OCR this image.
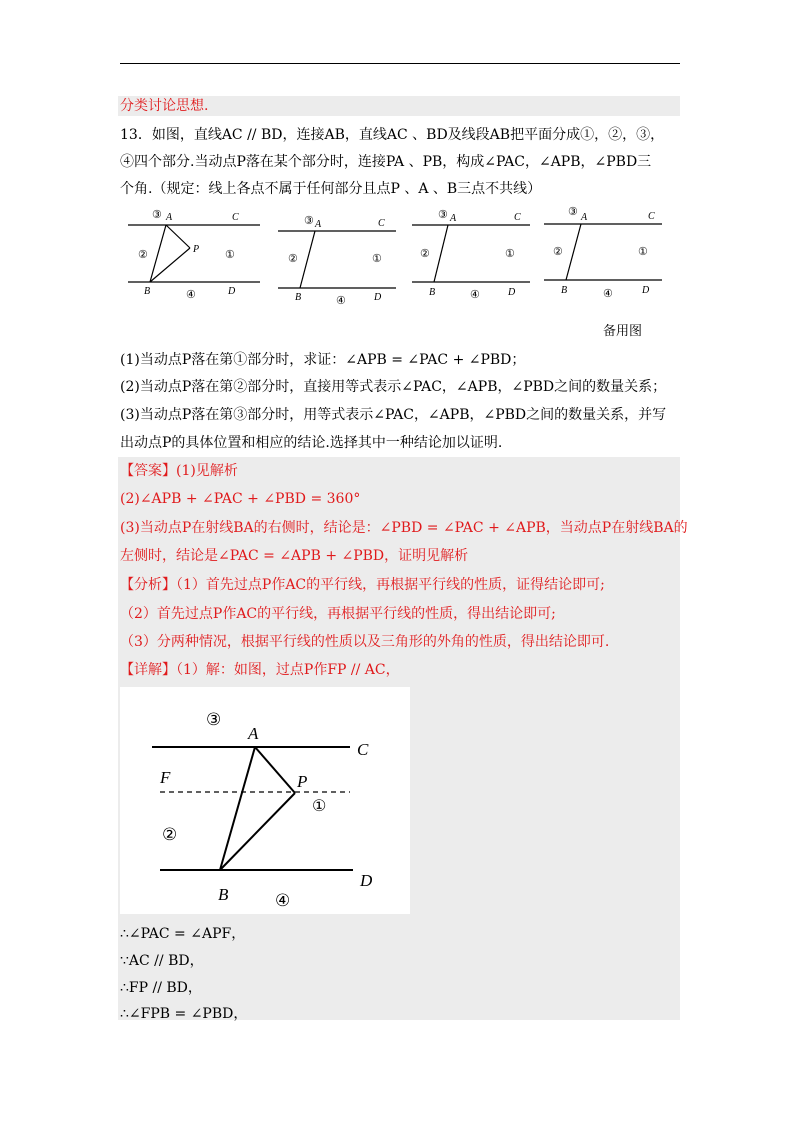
分类讨论思想.
13．如图，直线AC // BD，连接AB，直线AC 、BD及线段AB把平面分成①，②，③，
④四个部分.当动点P落在某个部分时，连接PA 、PB，构成∠PAC，∠APB，∠PBD三
个角.（规定：线上各点不属于任何部分且点P 、A 、B三点不共线）
③ A	C
②	P ①
B	④	D
③ A	C
②	①
B	④	D
③ A	C
②	①
B	④	D
③ A	C
②	①
B	④	D
备用图
(1)当动点P落在第①部分时，求证：∠APB = ∠PAC + ∠PBD；
(2)当动点P落在第②部分时，直接用等式表示∠PAC，∠APB，∠PBD之间的数量关系；
(3)当动点P落在第③部分时，用等式表示∠PAC，∠APB，∠PBD之间的数量关系，并写
出动点P的具体位置和相应的结论.选择其中一种结论加以证明.
【答案】(1)见解析
(2)∠APB + ∠PAC + ∠PBD = 360°
(3)当动点P在射线BA的右侧时，结论是：∠PBD = ∠PAC + ∠APB，当动点P在射线BA的
左侧时，结论是∠PAC = ∠APB + ∠PBD，证明见解析
【分析】（1）首先过点P作AC的平行线，再根据平行线的性质，证得结论即可;
（2）首先过点P作AC的平行线，再根据平行线的性质，得出结论即可;
（3）分两种情况，根据平行线的性质以及三角形的外角的性质，得出结论即可.
【详解】（1）解：如图，过点P作FP // AC，
③
A
C
F	P
①
②
B	④
D
∴∠PAC = ∠APF，
∵AC // BD，
∴FP // BD，
∴∠FPB = ∠PBD，
